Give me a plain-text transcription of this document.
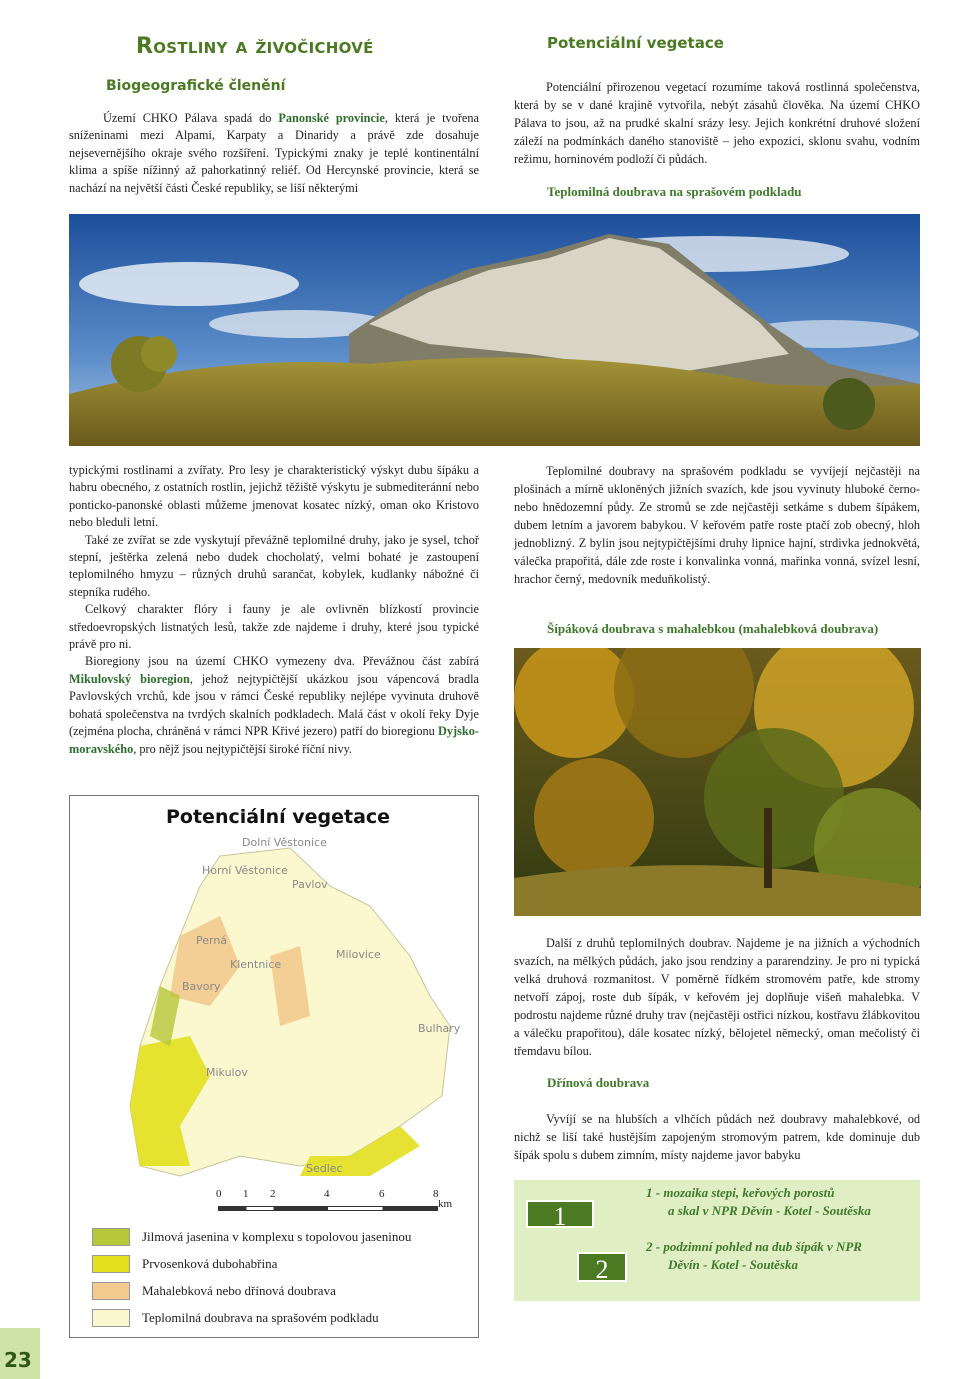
Rostliny a živočichové
Biogeografické členění

Území CHKO Pálava spadá do Panonské provincie, která je tvořena sníženinami mezi Alpami, Karpaty a Dinaridy a právě zde dosahuje nejsevernějšího okraje svého rozšíření. Typickými znaky je teplé kontinentální klima a spíše nížinný až pahorkatinný reliéf. Od Hercynské provincie, která se nachází na největší části České republiky, se liší některými

Potenciální vegetace

Potenciální přirozenou vegetací rozumíme taková rostlinná společenstva, která by se v dané krajině vytvořila, nebýt zásahů člověka. Na území CHKO Pálava to jsou, až na prudké skalní srázy lesy. Jejich konkrétní druhové složení záleží na podmínkách daného stanoviště – jeho expozici, sklonu svahu, vodním režimu, horninovém podloží či půdách.

Teplomilná doubrava na sprašovém podkladu

typickými rostlinami a zvířaty. Pro lesy je charakteristický výskyt dubu šípáku a habru obecného, z ostatních rostlin, jejichž těžiště výskytu je submediteránní nebo ponticko-panonské oblasti můžeme jmenovat kosatec nízký, oman oko Kristovo nebo bleduli letní.

Také ze zvířat se zde vyskytují převážně teplomilné druhy, jako je sysel, tchoř stepní, ještěrka zelená nebo dudek chocholatý, velmi bohaté je zastoupení teplomilného hmyzu – různých druhů sarančat, kobylek, kudlanky nábožné či stepníka rudého.

Celkový charakter flóry i fauny je ale ovlivněn blízkostí provincie středoevropských listnatých lesů, takže zde najdeme i druhy, které jsou typické právě pro ni.

Bioregiony jsou na území CHKO vymezeny dva. Převážnou část zabírá Mikulovský bioregion, jehož nejtypičtější ukázkou jsou vápencová bradla Pavlovských vrchů, kde jsou v rámci České republiky nejlépe vyvinuta druhově bohatá společenstva na tvrdých skalních podkladech. Malá část v okolí řeky Dyje (zejména plocha, chráněná v rámci NPR Křivé jezero) patří do bioregionu Dyjsko-moravského, pro nějž jsou nejtypičtější široké říční nivy.

Teplomilné doubravy na sprašovém podkladu se vyvíjejí nejčastěji na plošinách a mírně ukloněných jižních svazích, kde jsou vyvinuty hluboké černo- nebo hnědozemní půdy. Ze stromů se zde nejčastěji setkáme s dubem šípákem, dubem letním a javorem babykou. V keřovém patře roste ptačí zob obecný, hloh jednoblizný. Z bylin jsou nejtypičtějšími druhy lipnice hajní, strdivka jednokvětá, válečka prapořitá, dále zde roste i konvalinka vonná, mařinka vonná, svízel lesní, hrachor černý, medovník meduňkolistý.

Šípáková doubrava s mahalebkou (mahalebková doubrava)

Další z druhů teplomilných doubrav. Najdeme je na jižních a východních svazích, na mělkých půdách, jako jsou rendziny a pararendziny. Je pro ni typická velká druhová rozmanitost. V poměrně řídkém stromovém patře, kde stromy netvoří zápoj, roste dub šípák, v keřovém jej doplňuje višeň mahalebka. V podrostu najdeme různé druhy trav (nejčastěji ostřici nízkou, kostřavu žlábkovitou a válečku prapořitou), dále kosatec nízký, bělojetel německý, oman mečolistý či třemdavu bílou.

Dřínová doubrava

Vyvíjí se na hlubších a vlhčích půdách než doubravy mahalebkové, od nichž se liší také hustějším zapojeným stromovým patrem, kde dominuje dub šípák spolu s dubem zimním, místy najdeme javor babyku

1
2
1 - mozaika stepi, keřových porostů
a skal v NPR Děvín - Kotel - Soutěska
2 - podzimní pohled na dub šípák v NPR
Děvín - Kotel - Soutěska
Potenciální vegetace
Dolní Věstonice
Horní Věstonice
Pavlov
Perná
Klentnice
Milovice
Bavory
Bulhary
Mikulov
Sedlec
0 1 2	4	6	8
km
Jilmová jasenina v komplexu s topolovou jaseninou
Prvosenková dubohabřina
Mahalebková nebo dřínová doubrava
Teplomilná doubrava na sprašovém podkladu
23
